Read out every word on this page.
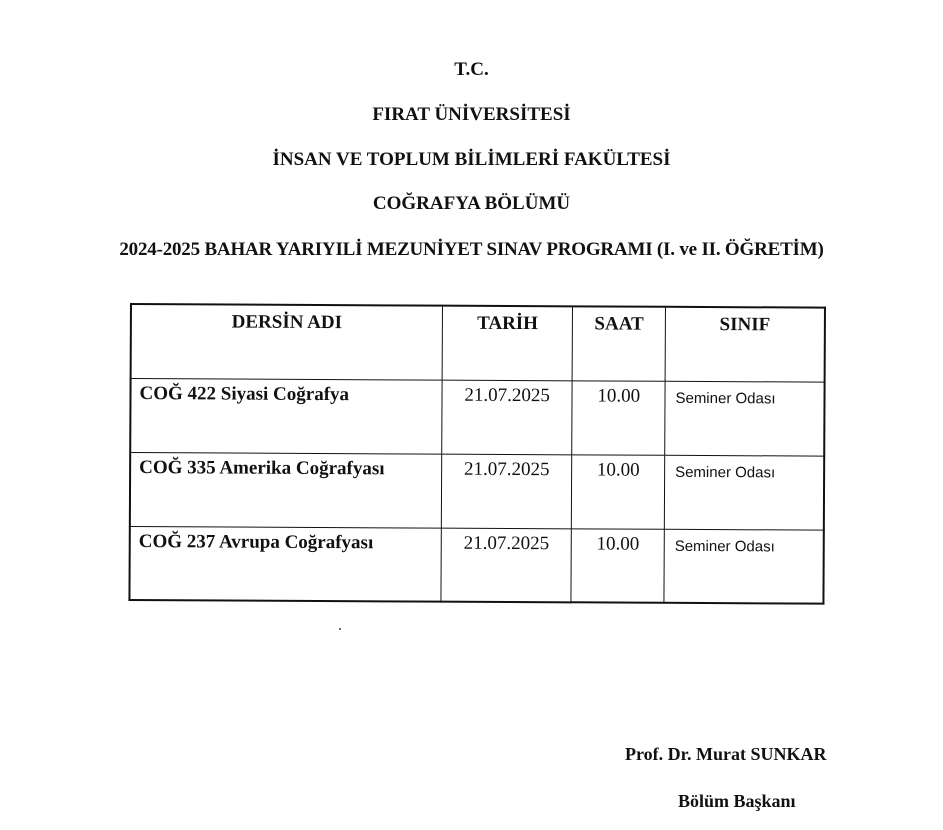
T.C.
FIRAT ÜNİVERSİTESİ
İNSAN VE TOPLUM BİLİMLERİ FAKÜLTESİ
COĞRAFYA BÖLÜMÜ
2024-2025 BAHAR YARIYILİ MEZUNİYET SINAV PROGRAMI (I. ve II. ÖĞRETİM)
DERSİN ADI	TARİH	SAAT	SINIF
COĞ 422 Siyasi Coğrafya	21.07.2025	10.00	Seminer Odası
COĞ 335 Amerika Coğrafyası	21.07.2025	10.00	Seminer Odası
COĞ 237 Avrupa Coğrafyası	21.07.2025	10.00	Seminer Odası
Prof. Dr. Murat SUNKAR
Bölüm Başkanı
